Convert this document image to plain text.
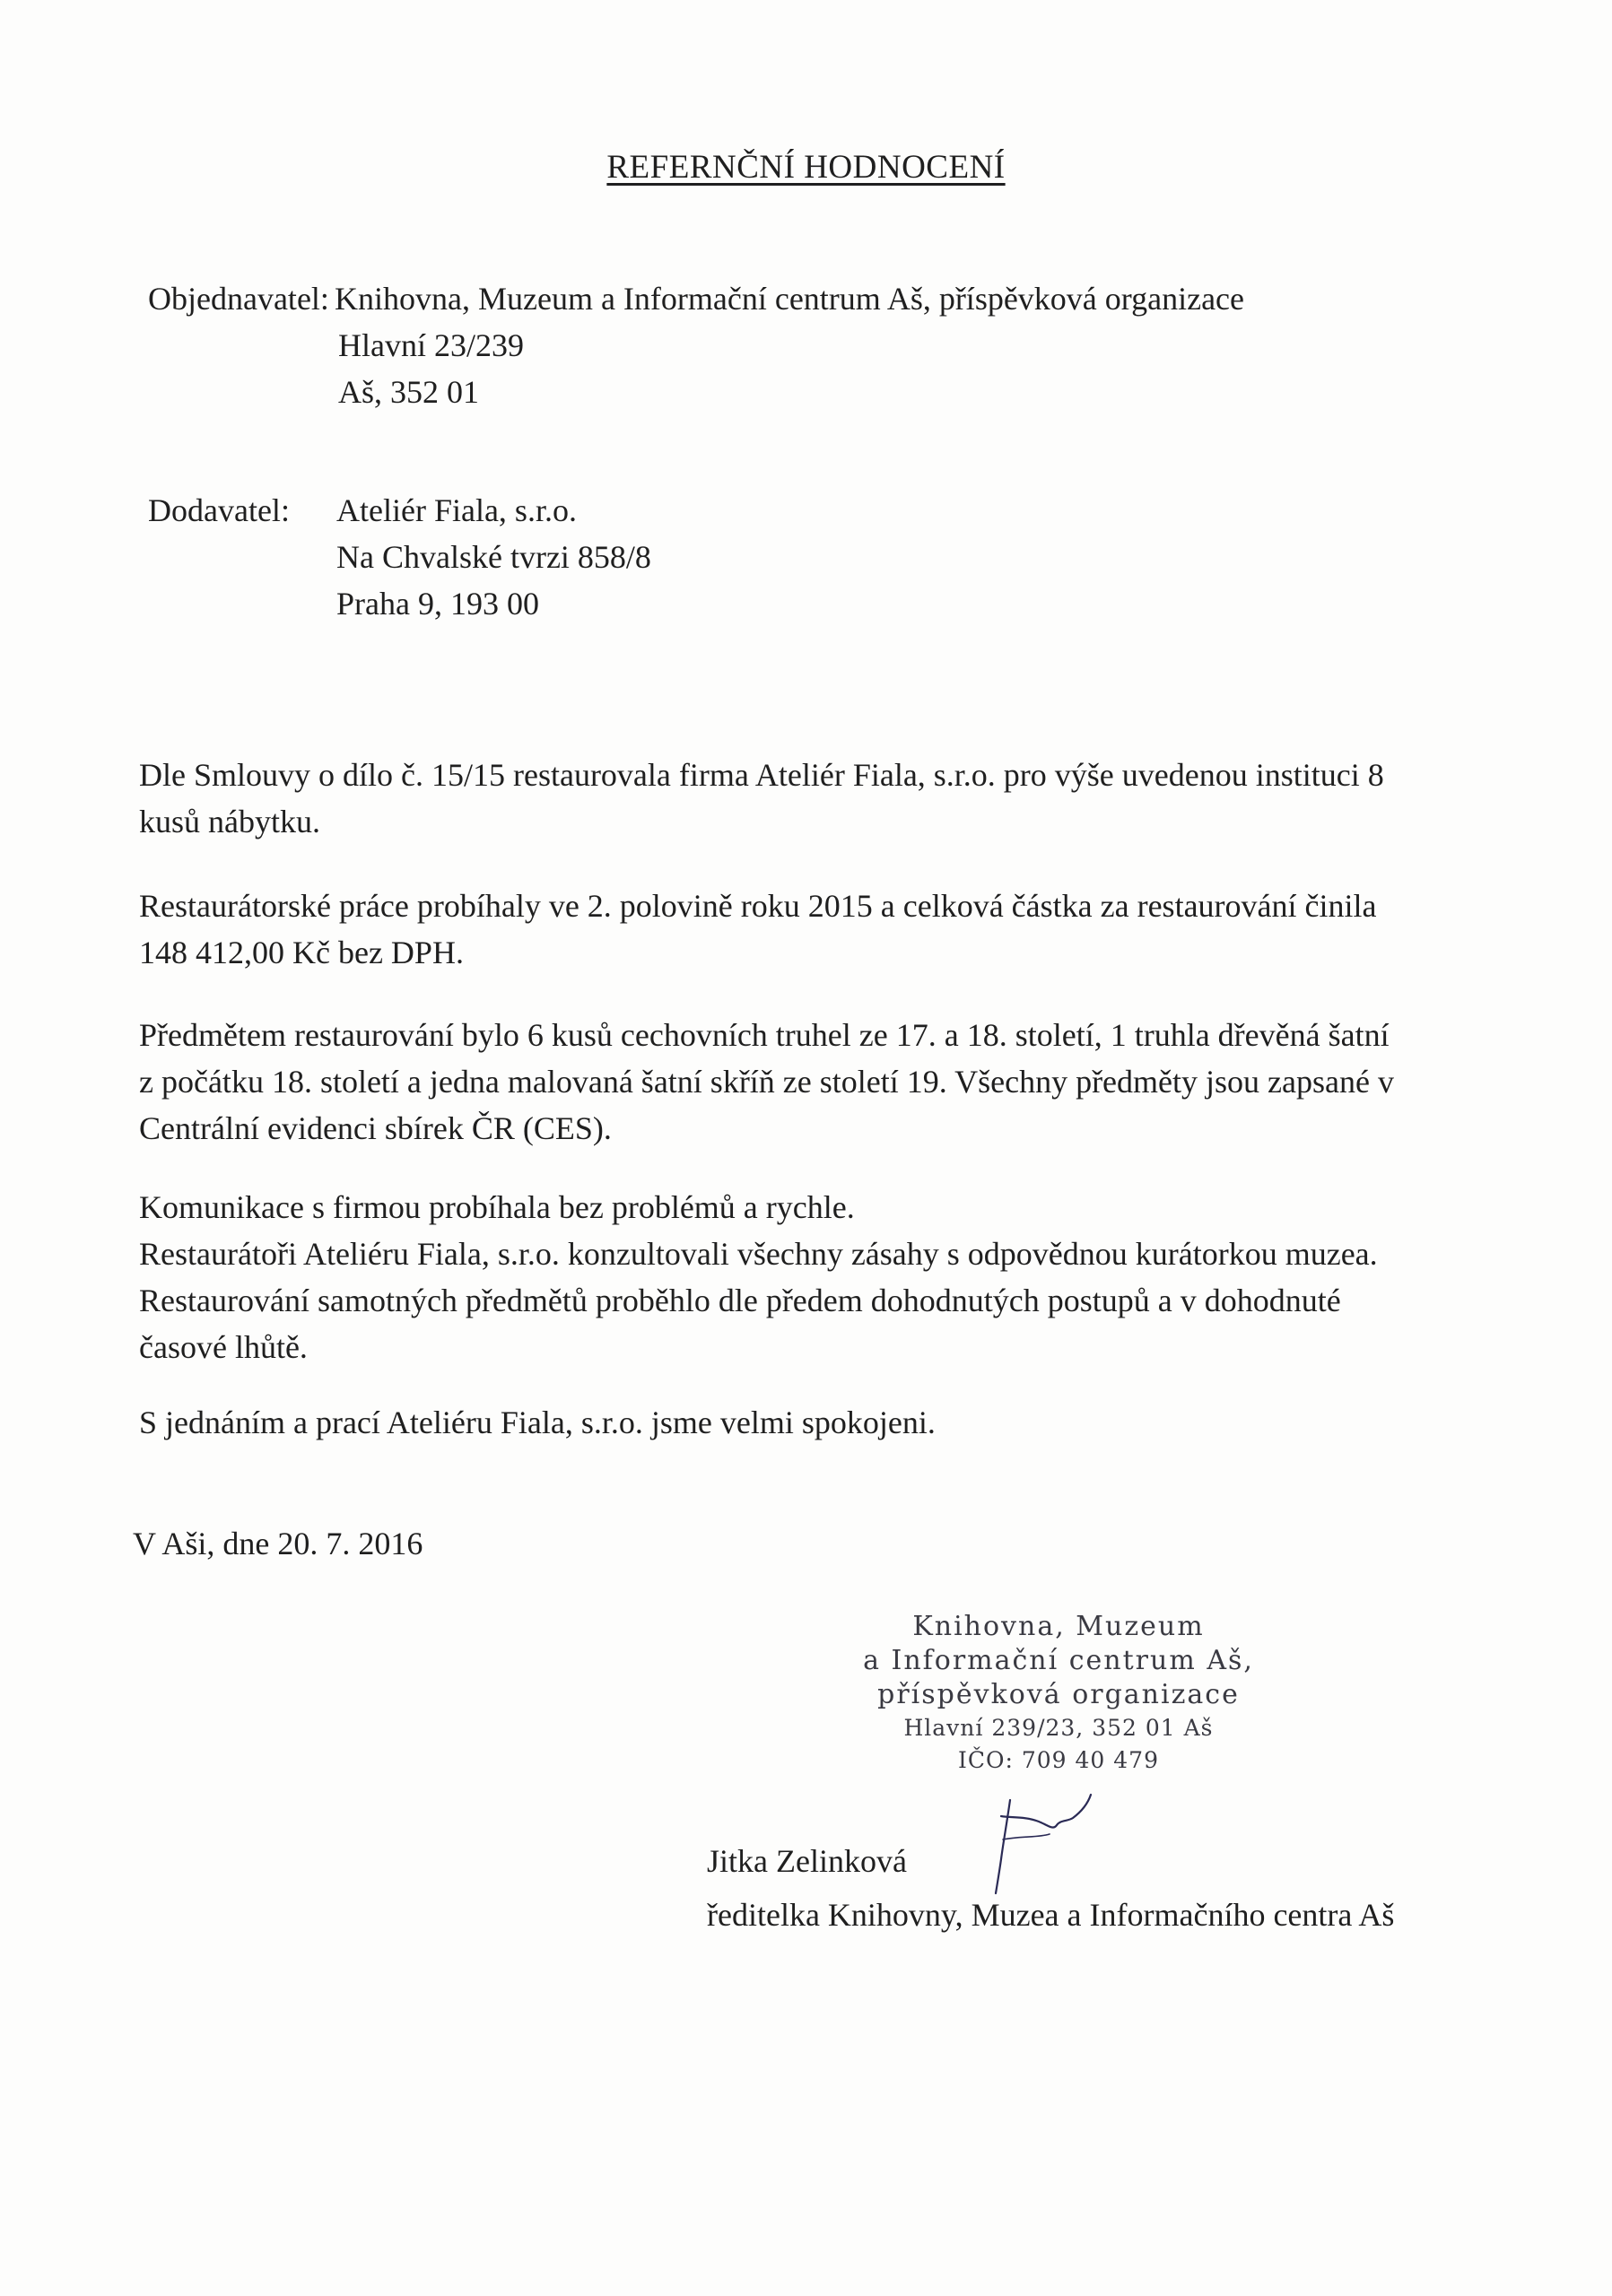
REFERNČNÍ HODNOCENÍ
Objednavatel: Knihovna, Muzeum a Informační centrum Aš, příspěvková organizace
Hlavní 23/239
Aš, 352 01
Dodavatel: Ateliér Fiala, s.r.o.
Na Chvalské tvrzi 858/8
Praha 9, 193 00
Dle Smlouvy o dílo č. 15/15 restaurovala firma Ateliér Fiala, s.r.o. pro výše uvedenou instituci 8
kusů nábytku.
Restaurátorské práce probíhaly ve 2. polovině roku 2015 a celková částka za restaurování činila
148 412,00 Kč bez DPH.
Předmětem restaurování bylo 6 kusů cechovních truhel ze 17. a 18. století, 1 truhla dřevěná šatní
z počátku 18. století a jedna malovaná šatní skříň ze století 19. Všechny předměty jsou zapsané v
Centrální evidenci sbírek ČR (CES).
Komunikace s firmou probíhala bez problémů a rychle.
Restaurátoři Ateliéru Fiala, s.r.o. konzultovali všechny zásahy s odpovědnou kurátorkou muzea.
Restaurování samotných předmětů proběhlo dle předem dohodnutých postupů a v dohodnuté
časové lhůtě.
S jednáním a prací Ateliéru Fiala, s.r.o. jsme velmi spokojeni.
V Aši, dne 20. 7. 2016
Knihovna, Muzeum
a Informační centrum Aš,
příspěvková organizace
Hlavní 239/23, 352 01 Aš
IČO: 709 40 479
Jitka Zelinková
ředitelka Knihovny, Muzea a Informačního centra Aš
